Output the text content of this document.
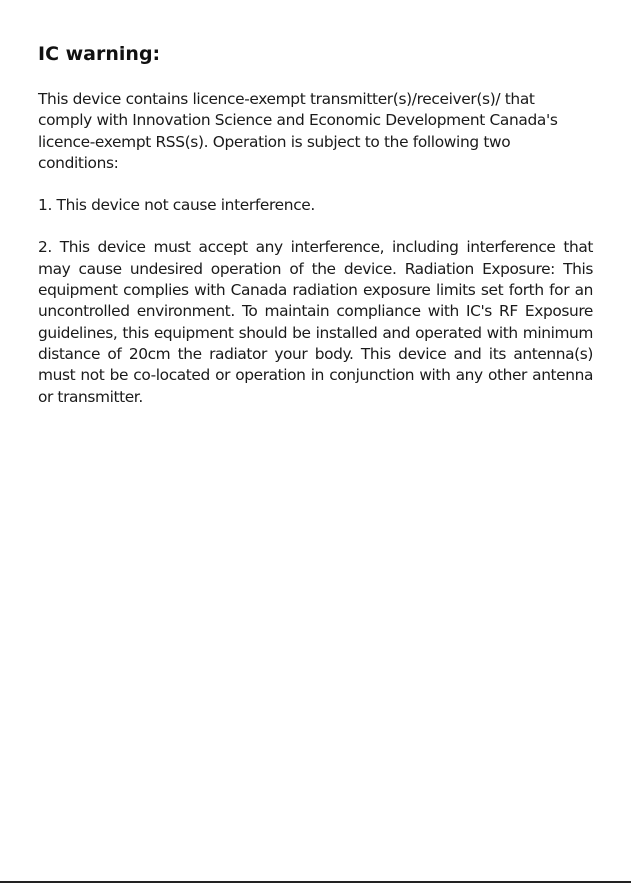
IC warning:

This device contains licence-exempt transmitter(s)/receiver(s)/ that comply with Innovation Science and Economic Development Canada's licence-exempt RSS(s). Operation is subject to the following two conditions:

1. This device not cause interference.

2. This device must accept any interference, including interference that may cause undesired operation of the device. Radiation Exposure: This equipment complies with Canada radiation exposure limits set forth for an uncontrolled environment. To maintain compliance with IC's RF Exposure guidelines, this equipment should be installed and operated with minimum distance of 20cm the radiator your body. This device and its antenna(s) must not be co-located or operation in conjunction with any other antenna or transmitter.
